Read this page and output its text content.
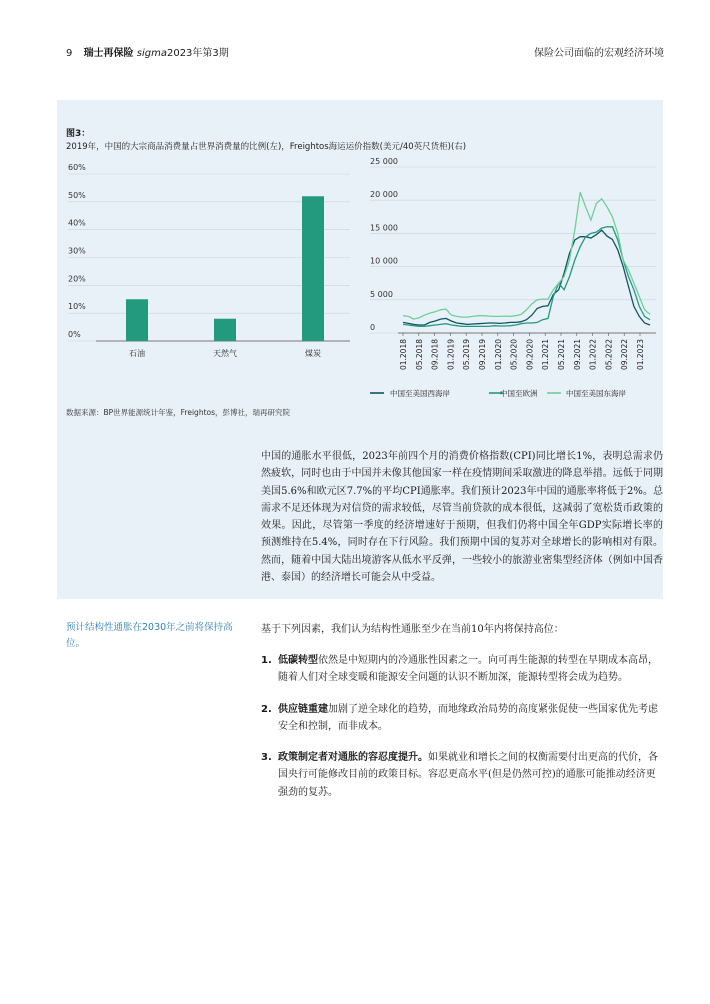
9 瑞士再保险 sigma2023年第3期	保险公司面临的宏观经济环境
图3：
2019年，中国的大宗商品消费量占世界消费量的比例(左)，Freightos海运运价指数(美元/40英尺货柜)(右)
0%
10%
20%
30%
40%
50%
60%
石油	天然气	煤炭
0
5 000
10 000
15 000
20 000
25 000
01.2018 05.2018 09.2018 01.2019 05.2019 09.2019 01.2020 05.2020 09.2020 01.2021 05.2021 09.2021 01.2022 05.2022 09.2022 01.2023
中国至美国西海岸	中国至欧洲	中国至美国东海岸
数据来源：BP世界能源统计年鉴，Freightos，彭博社，瑞再研究院
中国的通胀水平很低，2023年前四个月的消费价格指数(CPI)同比增长1%，表明总需求仍然疲软，同时也由于中国并未像其他国家一样在疫情期间采取激进的降息举措。远低于同期美国5.6%和欧元区7.7%的平均CPI通胀率。我们预计2023年中国的通胀率将低于2%。总需求不足还体现为对信贷的需求较低，尽管当前贷款的成本很低，这减弱了宽松货币政策的效果。因此，尽管第一季度的经济增速好于预期，但我们仍将中国全年GDP实际增长率的预测维持在5.4%，同时存在下行风险。我们预期中国的复苏对全球增长的影响相对有限。 然而，随着中国大陆出境游客从低水平反弹，一些较小的旅游业密集型经济体（例如中国香港、泰国）的经济增长可能会从中受益。
预计结构性通胀在2030年之前将保持高位。
基于下列因素，我们认为结构性通胀至少在当前10年内将保持高位：
1. 低碳转型依然是中短期内的冷通胀性因素之一。向可再生能源的转型在早期成本高昂，随着人们对全球变暖和能源安全问题的认识不断加深，能源转型将会成为趋势。
2. 供应链重建加剧了逆全球化的趋势，而地缘政治局势的高度紧张促使一些国家优先考虑安全和控制，而非成本。
3. 政策制定者对通胀的容忍度提升。如果就业和增长之间的权衡需要付出更高的代价，各国央行可能修改目前的政策目标。容忍更高水平(但是仍然可控)的通胀可能推动经济更强劲的复苏。
